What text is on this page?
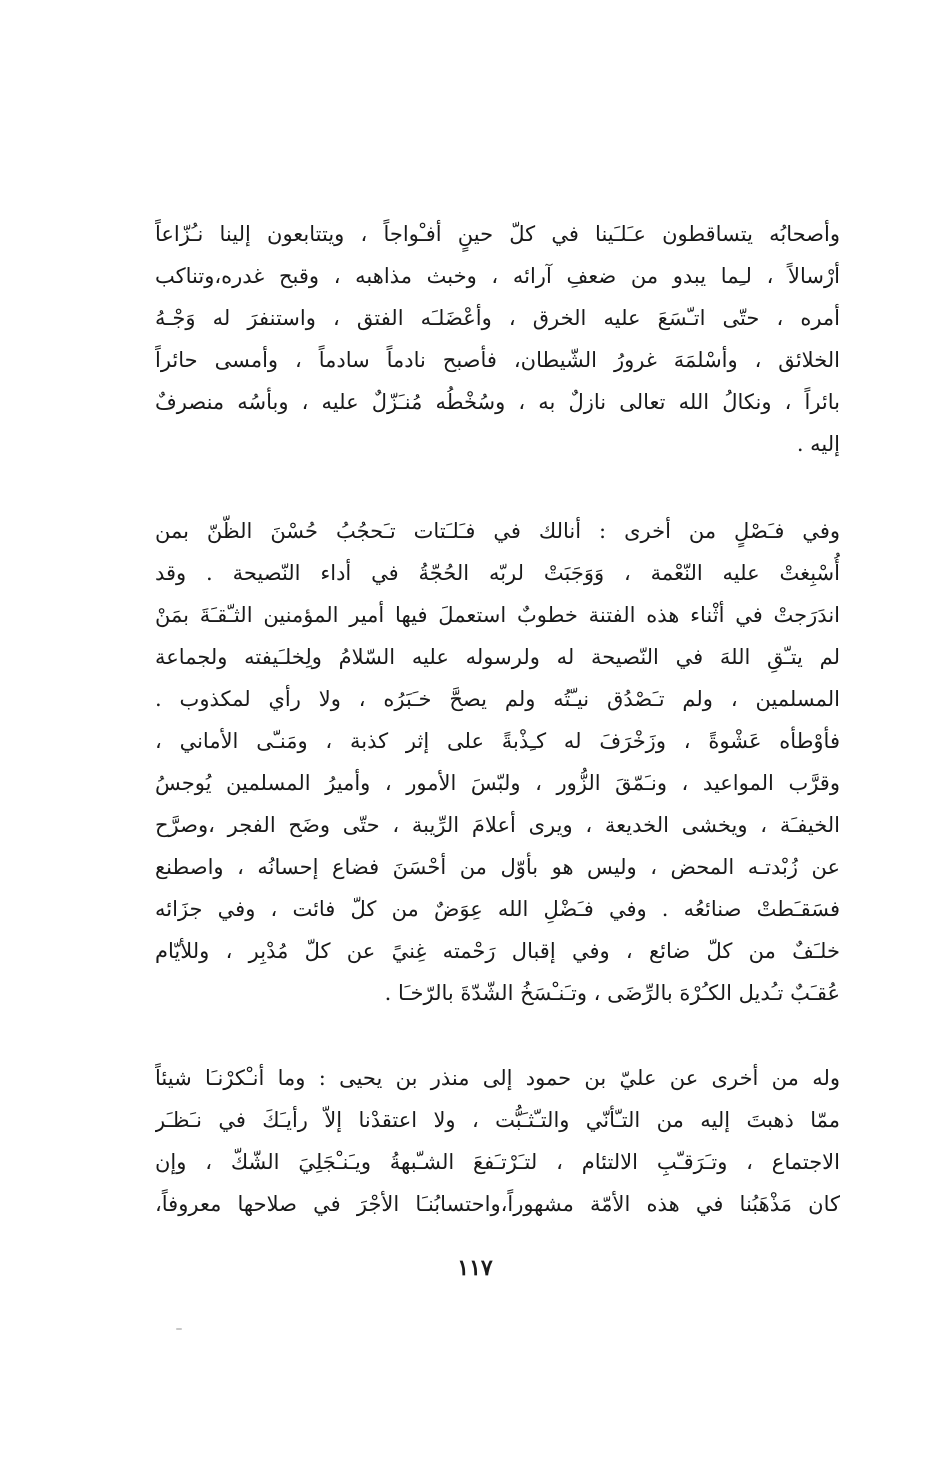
وأصحابُه يتساقطون عـَلـَينا في كلّ حينٍ أفـْواجاً ، ويتتابعون إلينا نـُزّاعاً
أرْسالاً ، لـِما يبدو من ضعفِ آرائه ، وخبث مذاهبه ، وقبح غدره،وتناكب
أمره ، حتّى اتـّسَعَ عليه الخرق ، وأعْضَلـَه الفتق ، واستنفرَ له وَجْـهُ
الخلائق ، وأسْلمَهَ غرورُ الشّيطان، فأصبح نادماً سادماً ، وأمسى حائراً
بائراً ، ونكالُ الله تعالى نازلٌ به ، وسُخْطُه مُنـَزّلٌ عليه ، وبأسُه منصرفٌ
إليه .
وفي فـَصْلٍ من أخرى : أنالك في فـَلـَتات تـَحجُبُ حُسْنَ الظّنّ بمن
أُسْبِغتْ عليه النّعْمة ، وَوَجَبَتْ لربّه الحُجّةُ في أداء النّصيحة . وقد
اندَرَجتْ في أثْناء هذه الفتنة خطوبٌ استعملَ فيها أمير المؤمنين الثـّقـَةَ بمَنْ
لم يتـّقِ اللهَ في النّصيحة له ولرسوله عليه السّلامُ ولِخلـَيفته ولجماعة
المسلمين ، ولم تـَصْدُق نيـّتُه ولم يصحَّ خـَبَرُه ، ولا رأي لمكذوب .
فأوْطأه عَشْوةً ، وزَخْرَفَ له كـِذْبةً على إثر كذبة ، ومَنـّى الأماني ،
وقرَّب المواعيد ، ونـَمّقَ الزُّور ، ولبّسَ الأمور ، وأميرُ المسلمين يُوجسُ
الخيفـَة ، ويخشى الخديعة ، ويرى أعلامَ الرِّيبة ، حتّى وضَح الفجر ،وصرَّح
عن زُبْدتـه المحض ، وليس هو بأوّل من أحْسَنَ فضاع إحسانُه ، واصطنع
فسَقـَطتْ صنائعُه . وفي فـَضْلِ الله عِوَضٌ من كلّ فائت ، وفي جزَائه
خلـَفٌ من كلّ ضائع ، وفي إقبال رَحْمته غِنيً عن كلّ مُدْبِر ، وللأيّام
عُقـَبٌ تـُديل الكـُرْهَ بالرِّضَى ، وتـَنـْسَخُ الشّدّةَ بالرّخـَا .
وله من أخرى عن عليّ بن حمود إلى منذر بن يحيى : وما أنـْكرْنـَا شيئاً
ممّا ذهبتَ إليه من التـّأنّي والتـّثـَبُّت ، ولا اعتقدْنا إلاّ رأيـَكَ في نـَظـَر
الاجتماع ، وتـَرَقـّبِ الالتئام ، لتـَرْتـَفعَ الشـّبهةُ ويـَنـْجَلِيَ الشّكّ ، وإن
كان مَذْهَبُنا في هذه الأمّة مشهوراً،واحتسابُنـَا الأجْرَ في صلاحها معروفاً،
١١٧
